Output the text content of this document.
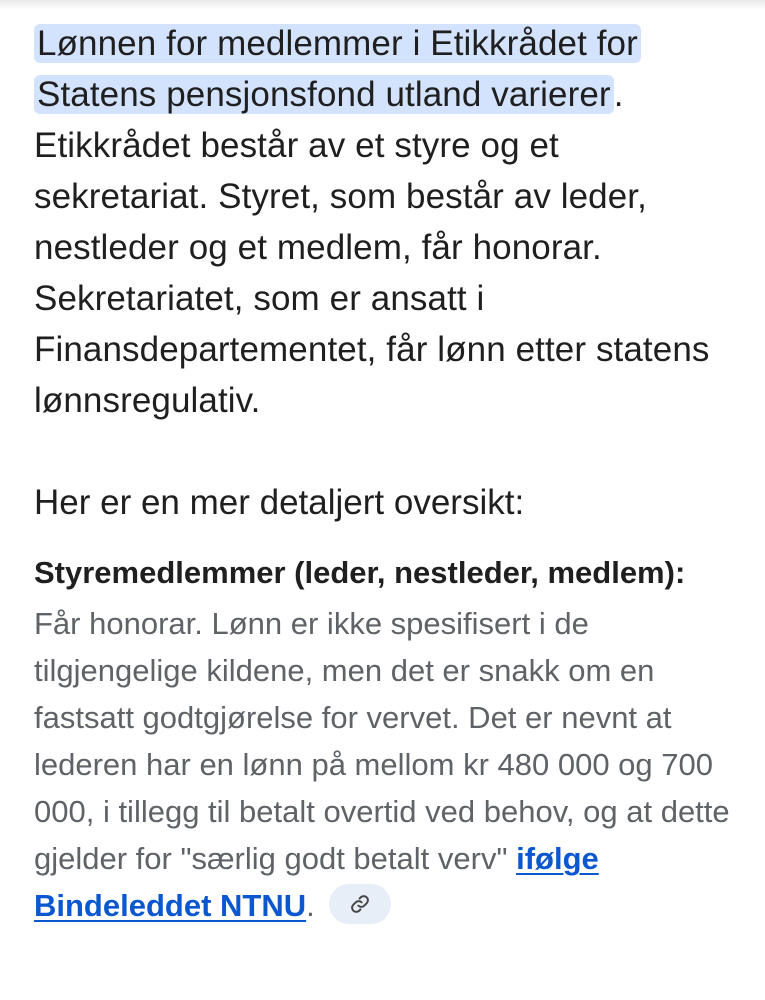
Lønnen for medlemmer i Etikkrådet for Statens pensjonsfond utland varierer. Etikkrådet består av et styre og et sekretariat. Styret, som består av leder, nestleder og et medlem, får honorar. Sekretariatet, som er ansatt i Finansdepartementet, får lønn etter statens lønnsregulativ.

Her er en mer detaljert oversikt:
Styremedlemmer (leder, nestleder, medlem):

Får honorar. Lønn er ikke spesifisert i de tilgjengelige kildene, men det er snakk om en fastsatt godtgjørelse for vervet. Det er nevnt at lederen har en lønn på mellom kr 480 000 og 700 000, i tillegg til betalt overtid ved behov, og at dette gjelder for "særlig godt betalt verv" ifølge Bindeleddet NTNU.
